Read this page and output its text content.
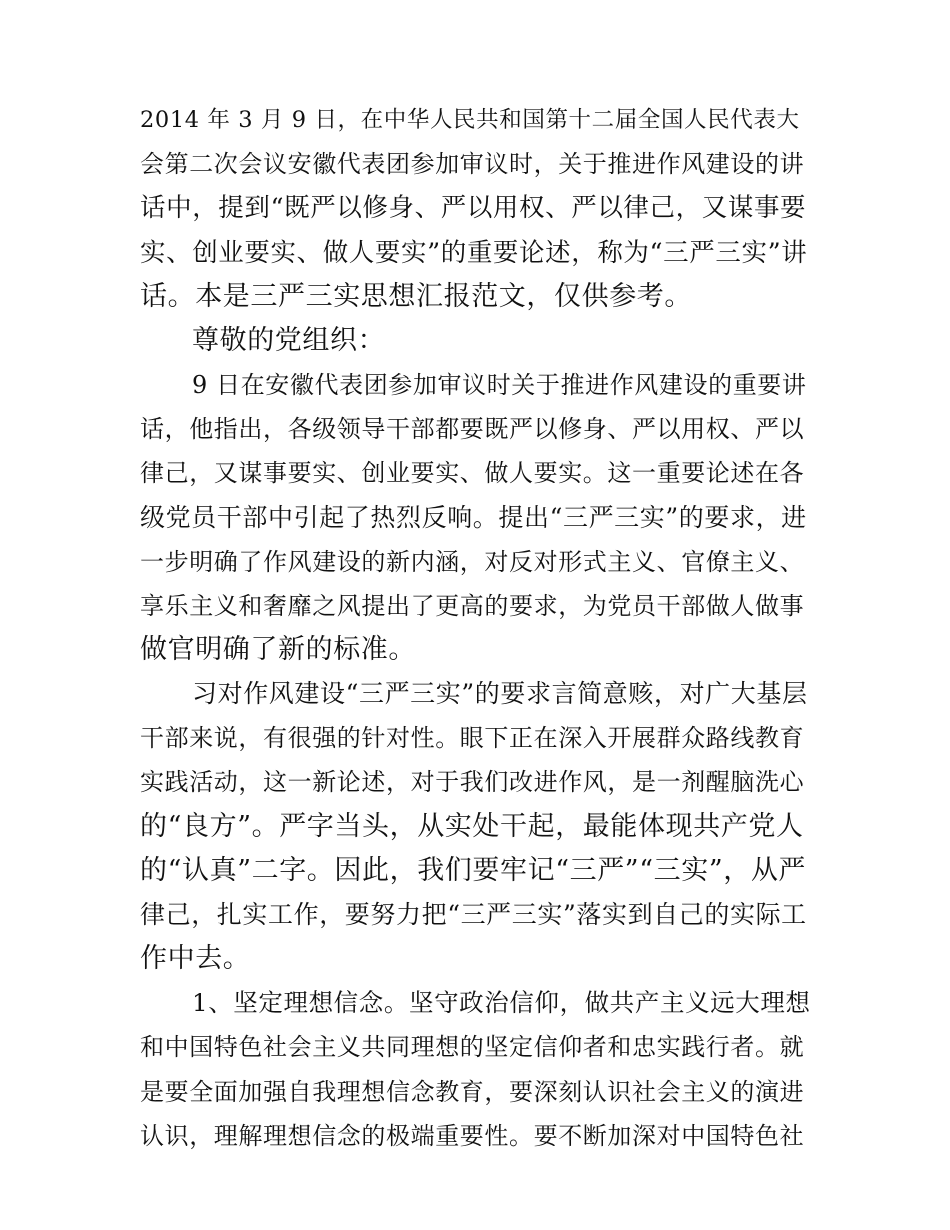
2014 年 3 月 9 日，在中华人民共和国第十二届全国人民代表大
会第二次会议安徽代表团参加审议时，关于推进作风建设的讲
话中，提到“既严以修身、严以用权、严以律己，又谋事要
实、创业要实、做人要实”的重要论述，称为“三严三实”讲
话。本是三严三实思想汇报范文，仅供参考。
尊敬的党组织：
9 日在安徽代表团参加审议时关于推进作风建设的重要讲
话，他指出，各级领导干部都要既严以修身、严以用权、严以
律己，又谋事要实、创业要实、做人要实。这一重要论述在各
级党员干部中引起了热烈反响。提出“三严三实”的要求，进
一步明确了作风建设的新内涵，对反对形式主义、官僚主义、
享乐主义和奢靡之风提出了更高的要求，为党员干部做人做事
做官明确了新的标准。
习对作风建设“三严三实”的要求言简意赅，对广大基层
干部来说，有很强的针对性。眼下正在深入开展群众路线教育
实践活动，这一新论述，对于我们改进作风，是一剂醒脑洗心
的“良方”。严字当头，从实处干起，最能体现共产党人
的“认真”二字。因此，我们要牢记“三严”“三实”，从严
律己，扎实工作，要努力把“三严三实”落实到自己的实际工
作中去。
1、坚定理想信念。坚守政治信仰，做共产主义远大理想
和中国特色社会主义共同理想的坚定信仰者和忠实践行者。就
是要全面加强自我理想信念教育，要深刻认识社会主义的演进
认识，理解理想信念的极端重要性。要不断加深对中国特色社
